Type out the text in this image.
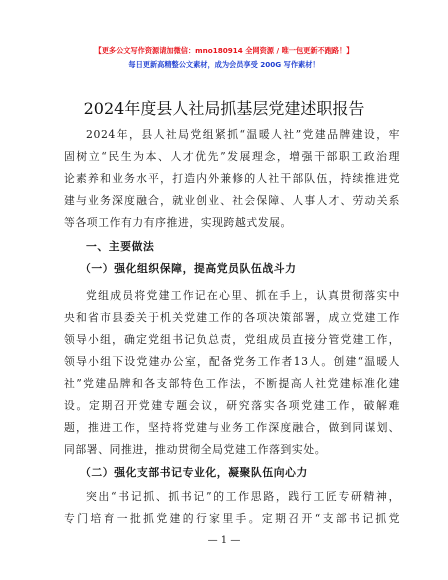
【更多公文写作资源请加微信：mno180914 全网资源 / 唯一包更新不跑路！】
每日更新高精整公文素材，成为会员享受 200G 写作素材！
2024年度县人社局抓基层党建述职报告
2024年，县人社局党组紧抓“温暖人社”党建品牌建设，牢
固树立“民生为本、人才优先”发展理念，增强干部职工政治理
论素养和业务水平，打造内外兼修的人社干部队伍，持续推进党
建与业务深度融合，就业创业、社会保障、人事人才、劳动关系
等各项工作有力有序推进，实现跨越式发展。
一、主要做法
（一）强化组织保障，提高党员队伍战斗力
党组成员将党建工作记在心里、抓在手上，认真贯彻落实中
央和省市县委关于机关党建工作的各项决策部署，成立党建工作
领导小组，确定党组书记负总责，党组成员直接分管党建工作，
领导小组下设党建办公室，配备党务工作者13人。创建“温暖人
社”党建品牌和各支部特色工作法，不断提高人社党建标准化建
设。定期召开党建专题会议，研究落实各项党建工作，破解难
题，推进工作，坚持将党建与业务工作深度融合，做到同谋划、
同部署、同推进，推动贯彻全局党建工作落到实处。
（二）强化支部书记专业化，凝聚队伍向心力
突出“书记抓、抓书记”的工作思路，践行工匠专研精神，
专门培育一批抓党建的行家里手。定期召开“支部书记抓党
— 1 —
